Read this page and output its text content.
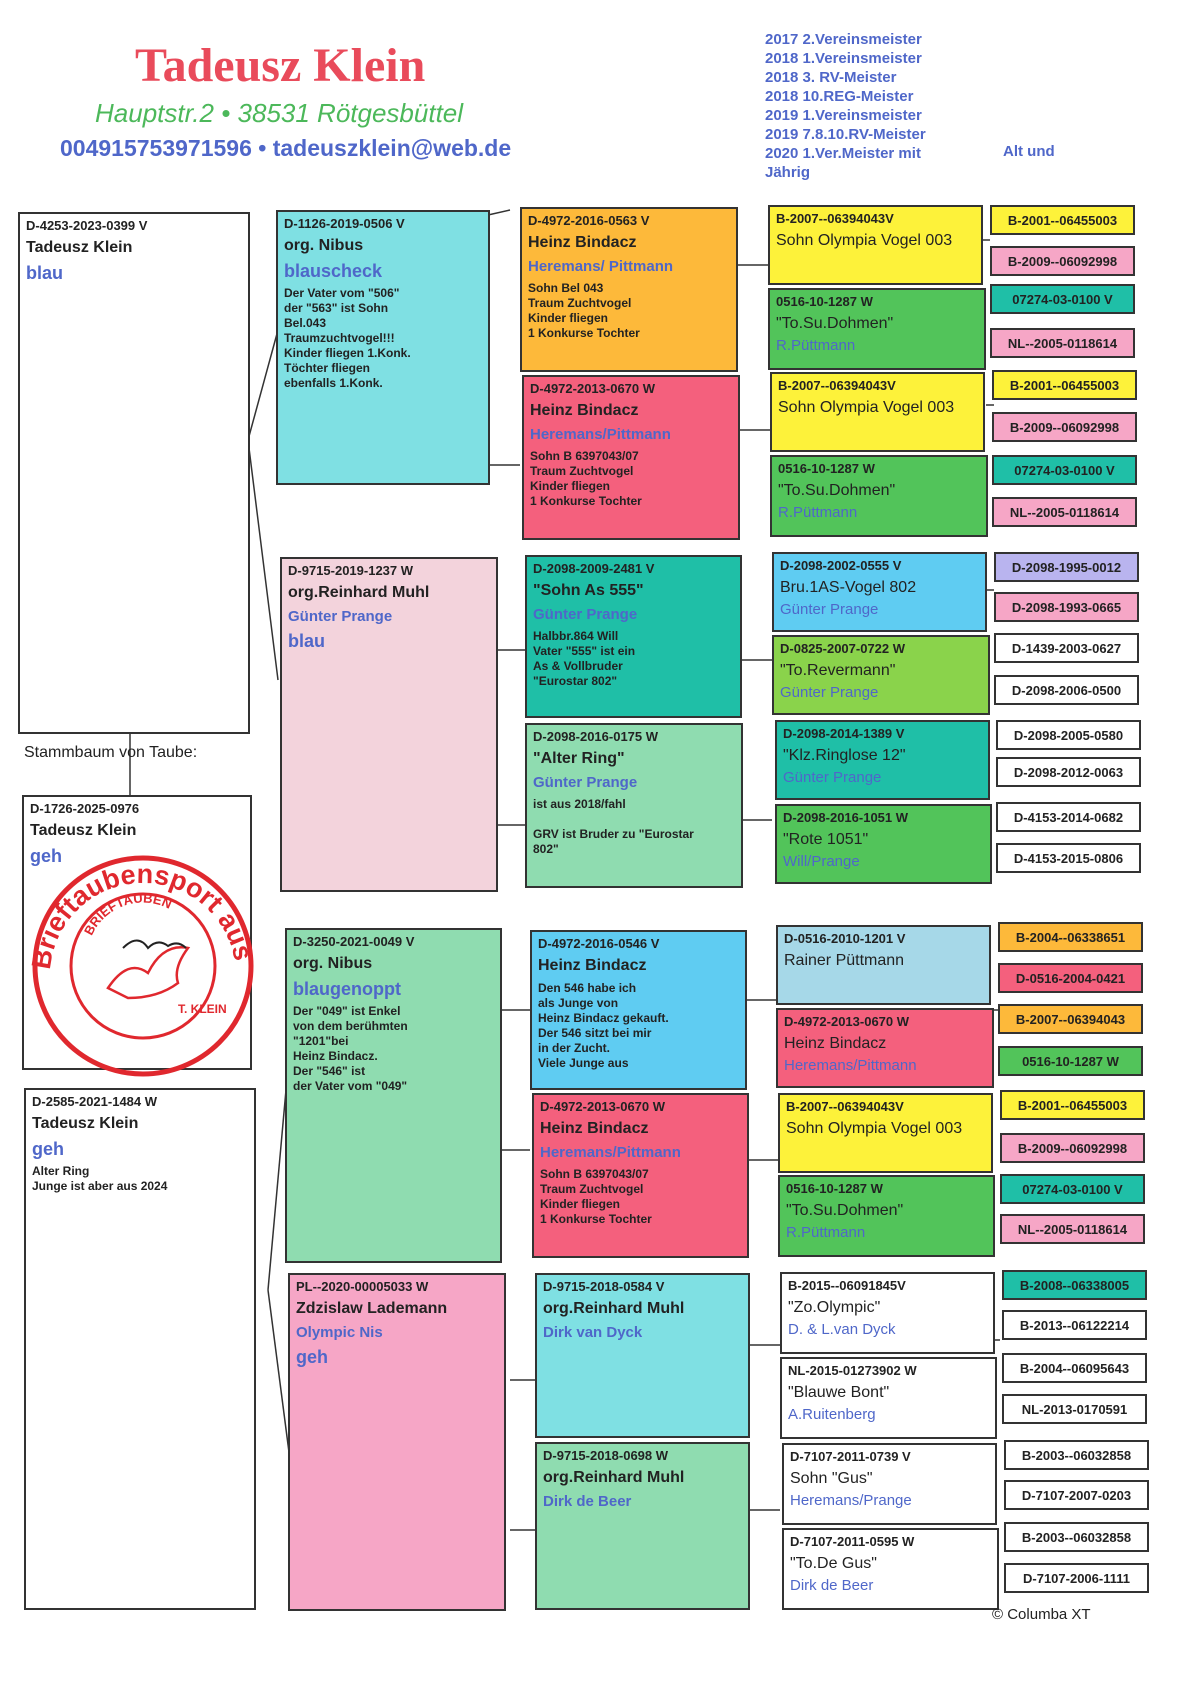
Tadeusz Klein
Hauptstr.2 • 38531 Rötgesbüttel
004915753971596 • tadeuszklein@web.de
2017 2.Vereinsmeister
2018 1.Vereinsmeister
2018 3. RV-Meister
2018 10.REG-Meister
2019 1.Vereinsmeister
2019 7.8.10.RV-Meister
2020 1.Ver.Meister mit
Jährig
Alt und
D-4253-2023-0399 V
Tadeusz Klein
blau
Stammbaum von Taube:
D-1726-2025-0976
Tadeusz Klein
geh
Brieftaubensport aus
BRIEFTAUBEN
T. KLEIN
D-2585-2021-1484 W
Tadeusz Klein
geh
Alter Ring
Junge ist aber aus 2024
D-1126-2019-0506 V
org. Nibus
blauscheck
Der Vater vom "506"
der "563" ist Sohn
Bel.043
Traumzuchtvogel!!!
Kinder fliegen 1.Konk.
Töchter fliegen
ebenfalls 1.Konk.
D-9715-2019-1237 W
org.Reinhard Muhl
Günter Prange
blau
D-3250-2021-0049 V
org. Nibus
blaugenoppt
Der "049" ist Enkel
von dem berühmten
"1201"bei
Heinz Bindacz.
Der "546" ist
der Vater vom "049"
PL--2020-00005033 W
Zdzislaw Lademann
Olympic Nis
geh
D-4972-2016-0563 V
Heinz Bindacz
Heremans/ Pittmann
Sohn Bel 043
Traum Zuchtvogel
Kinder fliegen
1 Konkurse Tochter
D-4972-2013-0670 W
Heinz Bindacz
Heremans/Pittmann
Sohn B 6397043/07
Traum Zuchtvogel
Kinder fliegen
1 Konkurse Tochter
D-2098-2009-2481 V
"Sohn As 555"
Günter Prange
Halbbr.864 Will
Vater "555" ist ein
As & Vollbruder
"Eurostar 802"
D-2098-2016-0175 W
"Alter Ring"
Günter Prange
ist aus 2018/fahl

GRV ist Bruder zu "Eurostar
802"
D-4972-2016-0546 V
Heinz Bindacz
Den 546 habe ich
als Junge von
Heinz Bindacz gekauft.
Der 546 sitzt bei mir
in der Zucht.
Viele Junge aus
D-4972-2013-0670 W
Heinz Bindacz
Heremans/Pittmann
Sohn B 6397043/07
Traum Zuchtvogel
Kinder fliegen
1 Konkurse Tochter
D-9715-2018-0584 V
org.Reinhard Muhl
Dirk van Dyck
D-9715-2018-0698 W
org.Reinhard Muhl
Dirk de Beer
B-2007--06394043V
Sohn Olympia Vogel 003
0516-10-1287 W
"To.Su.Dohmen"
R.Püttmann
B-2007--06394043V
Sohn Olympia Vogel 003
0516-10-1287 W
"To.Su.Dohmen"
R.Püttmann
D-2098-2002-0555 V
Bru.1AS-Vogel 802
Günter Prange
D-0825-2007-0722 W
"To.Revermann"
Günter Prange
D-2098-2014-1389 V
"Klz.Ringlose 12"
Günter Prange
D-2098-2016-1051 W
"Rote 1051"
Will/Prange
D-0516-2010-1201 V
Rainer Püttmann
D-4972-2013-0670 W
Heinz Bindacz
Heremans/Pittmann
B-2007--06394043V
Sohn Olympia Vogel 003
0516-10-1287 W
"To.Su.Dohmen"
R.Püttmann
B-2015--06091845V
"Zo.Olympic"
D. & L.van Dyck
NL-2015-01273902 W
"Blauwe Bont"
A.Ruitenberg
D-7107-2011-0739 V
Sohn "Gus"
Heremans/Prange
D-7107-2011-0595 W
"To.De Gus"
Dirk de Beer
B-2001--06455003
B-2009--06092998
07274-03-0100 V
NL--2005-0118614
B-2001--06455003
B-2009--06092998
07274-03-0100 V
NL--2005-0118614
D-2098-1995-0012
D-2098-1993-0665
D-1439-2003-0627
D-2098-2006-0500
D-2098-2005-0580
D-2098-2012-0063
D-4153-2014-0682
D-4153-2015-0806
B-2004--06338651
D-0516-2004-0421
B-2007--06394043
0516-10-1287 W
B-2001--06455003
B-2009--06092998
07274-03-0100 V
NL--2005-0118614
B-2008--06338005
B-2013--06122214
B-2004--06095643
NL-2013-0170591
B-2003--06032858
D-7107-2007-0203
B-2003--06032858
D-7107-2006-1111
© Columba XT
